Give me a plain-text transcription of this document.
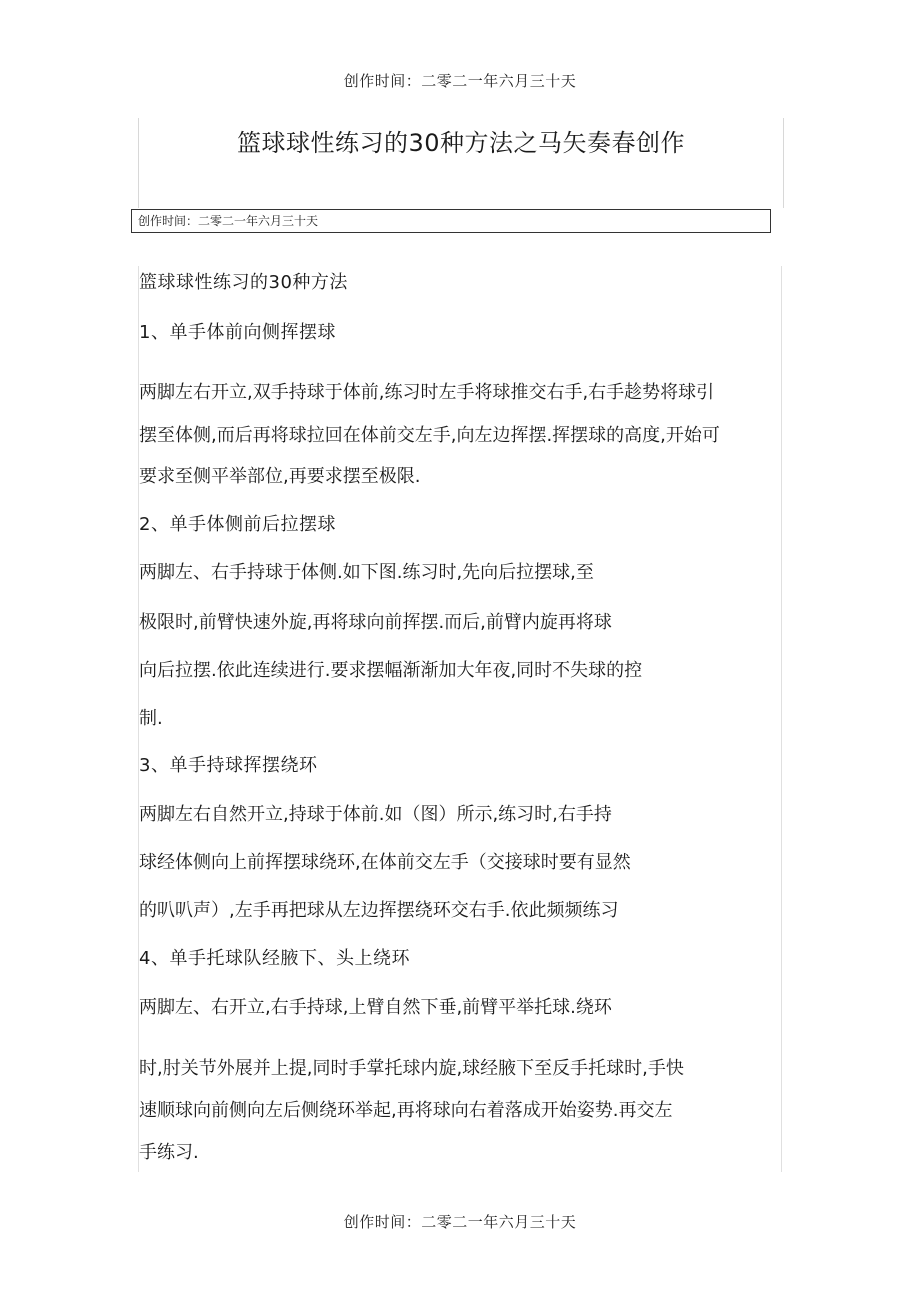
创作时间：二零二一年六月三十天
篮球球性练习的30种方法之马矢奏春创作
创作时间：二零二一年六月三十天
篮球球性练习的30种方法
1、单手体前向侧挥摆球
两脚左右开立,双手持球于体前,练习时左手将球推交右手,右手趁势将球引
摆至体侧,而后再将球拉回在体前交左手,向左边挥摆.挥摆球的高度,开始可
要求至侧平举部位,再要求摆至极限.
2、单手体侧前后拉摆球
两脚左、右手持球于体侧.如下图.练习时,先向后拉摆球,至
极限时,前臂快速外旋,再将球向前挥摆.而后,前臂内旋再将球
向后拉摆.依此连续进行.要求摆幅渐渐加大年夜,同时不失球的控
制.
3、单手持球挥摆绕环
两脚左右自然开立,持球于体前.如（图）所示,练习时,右手持
球经体侧向上前挥摆球绕环,在体前交左手（交接球时要有显然
的叭叭声）,左手再把球从左边挥摆绕环交右手.依此频频练习
4、单手托球队经腋下、头上绕环
两脚左、右开立,右手持球,上臂自然下垂,前臂平举托球.绕环
时,肘关节外展并上提,同时手掌托球内旋,球经腋下至反手托球时,手快
速顺球向前侧向左后侧绕环举起,再将球向右着落成开始姿势.再交左
手练习.
创作时间：二零二一年六月三十天
